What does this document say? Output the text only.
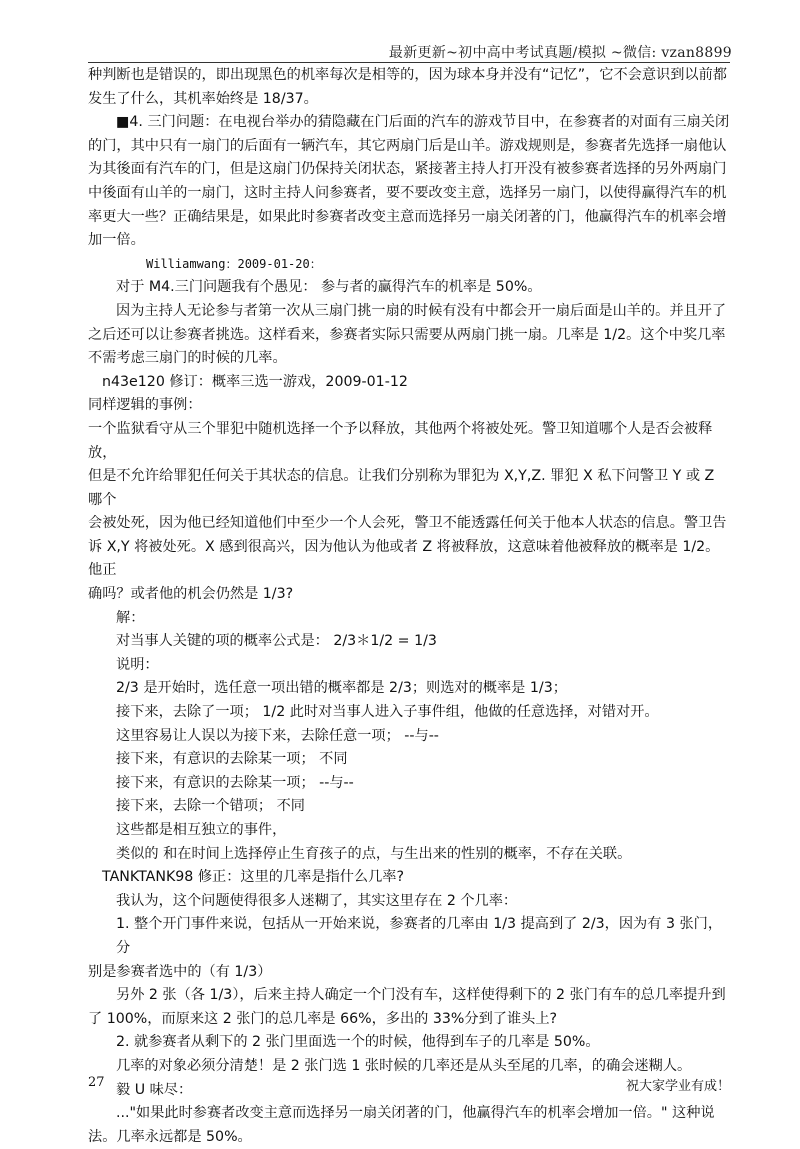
最新更新~初中高中考试真题/模拟 ~微信: vzan8899

种判断也是错误的，即出现黑色的机率每次是相等的，因为球本身并没有“记忆”，它不会意识到以前都

发生了什么，其机率始终是 18/37。

■4. 三门问题：在电视台举办的猜隐藏在门后面的汽车的游戏节目中，在参赛者的对面有三扇关闭

的门，其中只有一扇门的后面有一辆汽车，其它两扇门后是山羊。游戏规则是，参赛者先选择一扇他认

为其後面有汽车的门，但是这扇门仍保持关闭状态，紧接著主持人打开没有被参赛者选择的另外两扇门

中後面有山羊的一扇门，这时主持人问参赛者，要不要改变主意，选择另一扇门，以使得赢得汽车的机

率更大一些？正确结果是，如果此时参赛者改变主意而选择另一扇关闭著的门，他赢得汽车的机率会增

加一倍。

Williamwang：2009-01-20：

对于 M4.三门问题我有个愚见： 参与者的赢得汽车的机率是 50%。

因为主持人无论参与者第一次从三扇门挑一扇的时候有没有中都会开一扇后面是山羊的。并且开了

之后还可以让参赛者挑选。这样看来，参赛者实际只需要从两扇门挑一扇。几率是 1/2。这个中奖几率

不需考虑三扇门的时候的几率。

n43e120 修订：概率三选一游戏，2009-01-12

同样逻辑的事例：

一个监狱看守从三个罪犯中随机选择一个予以释放，其他两个将被处死。警卫知道哪个人是否会被释放，

但是不允许给罪犯任何关于其状态的信息。让我们分别称为罪犯为 X,Y,Z. 罪犯 X 私下问警卫 Y 或 Z 哪个

会被处死，因为他已经知道他们中至少一个人会死，警卫不能透露任何关于他本人状态的信息。警卫告

诉 X,Y 将被处死。X 感到很高兴，因为他认为他或者 Z 将被释放，这意味着他被释放的概率是 1/2。他正

确吗？或者他的机会仍然是 1/3?

解：

对当事人关键的项的概率公式是： 2/3＊1/2 = 1/3

说明：

2/3 是开始时，选任意一项出错的概率都是 2/3；则选对的概率是 1/3；

接下来，去除了一项； 1/2 此时对当事人进入子事件组，他做的任意选择，对错对开。

这里容易让人误以为接下来，去除任意一项； --与--

接下来，有意识的去除某一项； 不同

接下来，有意识的去除某一项； --与--

接下来，去除一个错项； 不同

这些都是相互独立的事件，

类似的 和在时间上选择停止生育孩子的点，与生出来的性别的概率，不存在关联。

TANKTANK98 修正：这里的几率是指什么几率?

我认为，这个问题使得很多人迷糊了，其实这里存在 2 个几率：

1. 整个开门事件来说，包括从一开始来说，参赛者的几率由 1/3 提高到了 2/3，因为有 3 张门，分

别是参赛者选中的（有 1/3）

另外 2 张（各 1/3），后来主持人确定一个门没有车，这样使得剩下的 2 张门有车的总几率提升到

了 100%，而原来这 2 张门的总几率是 66%，多出的 33%分到了谁头上?

2. 就参赛者从剩下的 2 张门里面选一个的时候，他得到车子的几率是 50%。

几率的对象必须分清楚！是 2 张门选 1 张时候的几率还是从头至尾的几率，的确会迷糊人。

毅 U 味尽：

..."如果此时参赛者改变主意而选择另一扇关闭著的门，他赢得汽车的机率会增加一倍。" 这种说

法。几率永远都是 50%。

27	祝大家学业有成！
